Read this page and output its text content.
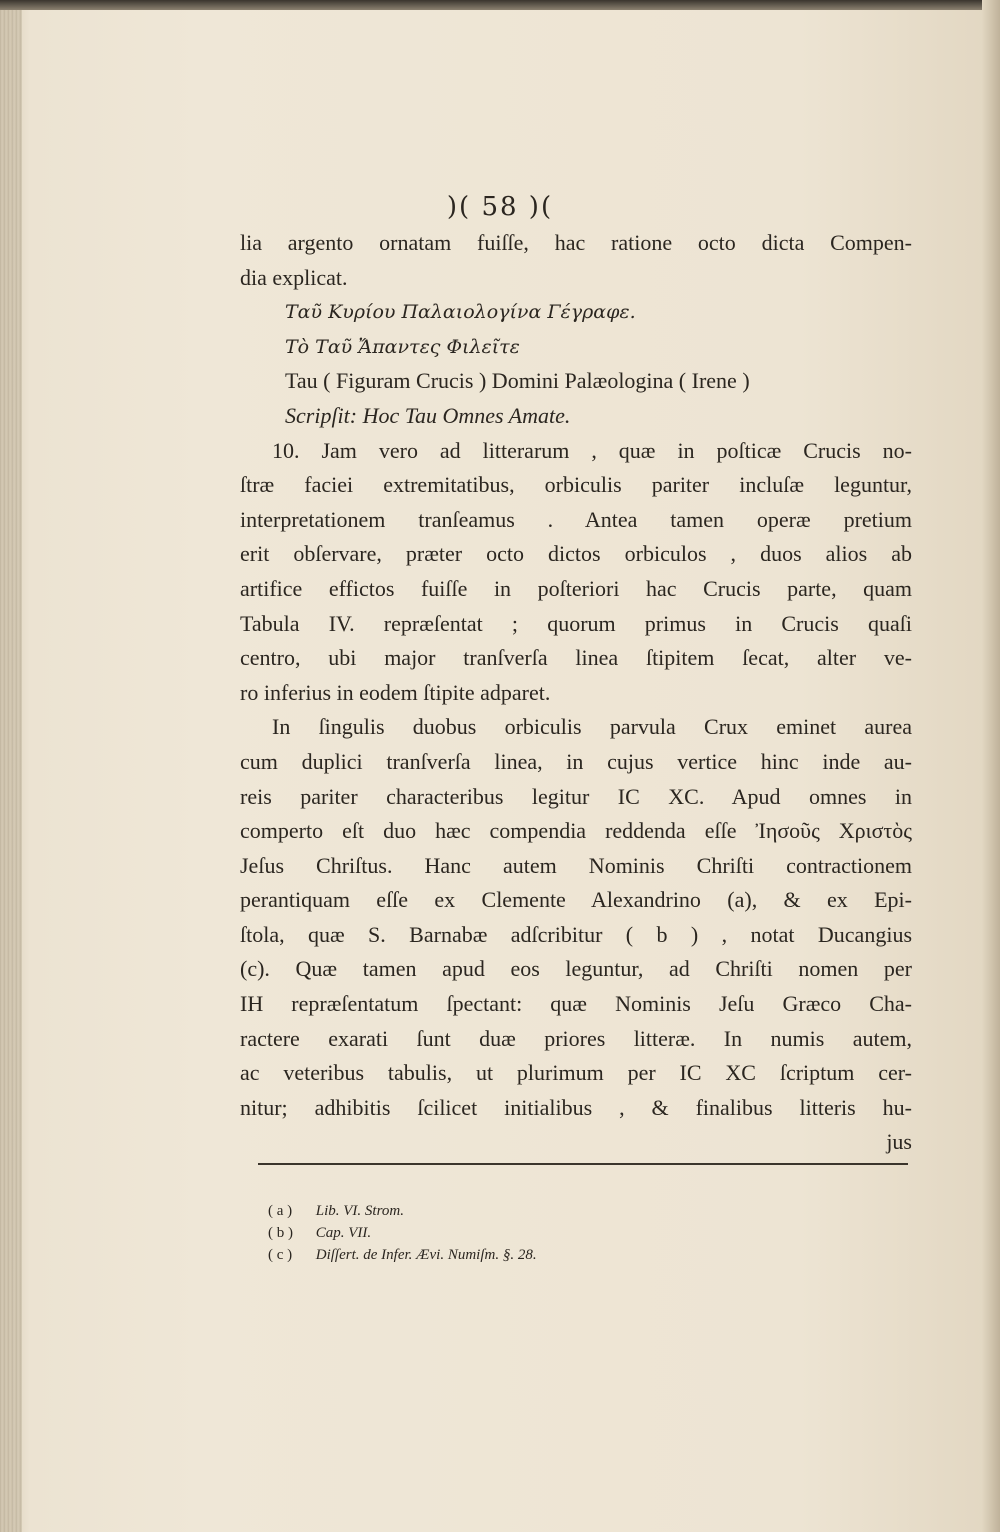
)( 58 )(
lia argento ornatam fuiſſe, hac ratione octo dicta Compen-
dia explicat.
Ταῦ Κυρίου Παλαιολογίνα Γέγραφε.
Τὸ Ταῦ Ἄπαντες Φιλεῖτε
Tau ( Figuram Crucis ) Domini Palæologina ( Irene )
Scripſit: Hoc Tau Omnes Amate.
10. Jam vero ad litterarum , quæ in poſticæ Crucis no-
ſtræ faciei extremitatibus, orbiculis pariter incluſæ leguntur,
interpretationem tranſeamus . Antea tamen operæ pretium
erit obſervare, præter octo dictos orbiculos , duos alios ab
artifice effictos fuiſſe in poſteriori hac Crucis parte, quam
Tabula IV. repræſentat ; quorum primus in Crucis quaſi
centro, ubi major tranſverſa linea ſtipitem ſecat, alter ve-
ro inferius in eodem ſtipite adparet.
In ſingulis duobus orbiculis parvula Crux eminet aurea
cum duplici tranſverſa linea, in cujus vertice hinc inde au-
reis pariter characteribus legitur IC XC. Apud omnes in
comperto eſt duo hæc compendia reddenda eſſe Ἰησοῦς Χριστὸς
Jeſus Chriſtus. Hanc autem Nominis Chriſti contractionem
perantiquam eſſe ex Clemente Alexandrino (a), & ex Epi-
ſtola, quæ S. Barnabæ adſcribitur ( b ) , notat Ducangius
(c). Quæ tamen apud eos leguntur, ad Chriſti nomen per
IH repræſentatum ſpectant: quæ Nominis Jeſu Græco Cha-
ractere exarati ſunt duæ priores litteræ. In numis autem,
ac veteribus tabulis, ut plurimum per IC XC ſcriptum cer-
nitur; adhibitis ſcilicet initialibus , & finalibus litteris hu-
jus
( a ) Lib. VI. Strom.
( b ) Cap. VII.
( c ) Diſſert. de Infer. Ævi. Numiſm. §. 28.
